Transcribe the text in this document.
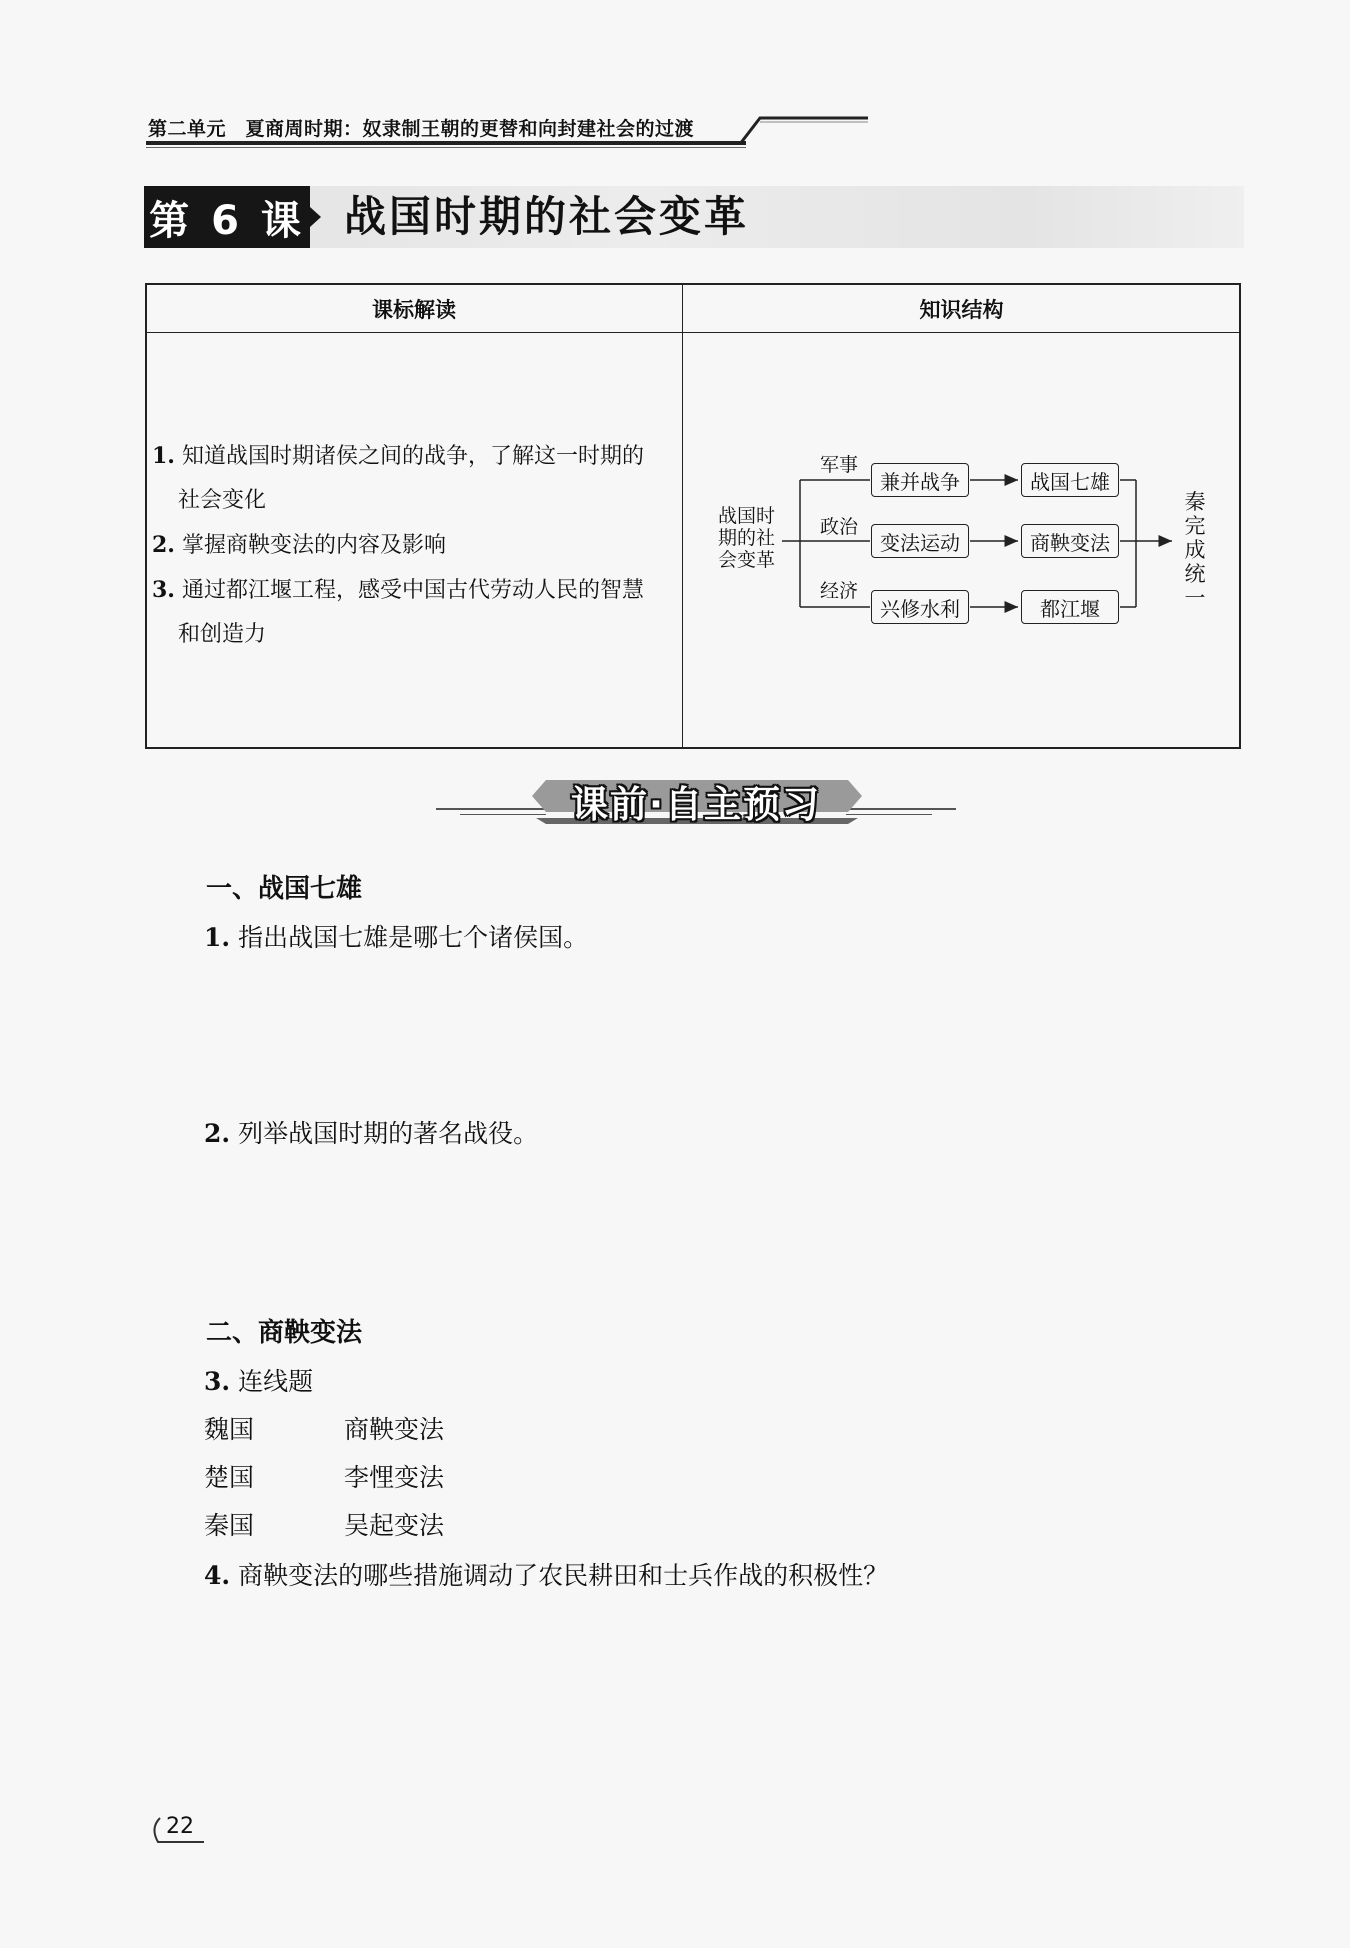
第二单元　夏商周时期：奴隶制王朝的更替和向封建社会的过渡
第 6 课 战国时期的社会变革
课标解读	知识结构
1. 知道战国时期诸侯之间的战争，了解这一时期的
社会变化
2. 掌握商鞅变法的内容及影响
3. 通过都江堰工程，感受中国古代劳动人民的智慧
和创造力
战国时
期的社
会变革
军事
政治
经济
兼并战争
变法运动
兴修水利
战国七雄
商鞅变法
都江堰
秦
完
成
统
一
课前·自主预习
一、战国七雄
1. 指出战国七雄是哪七个诸侯国。
2. 列举战国时期的著名战役。
二、商鞅变法
3. 连线题
魏国
楚国
秦国
商鞅变法
李悝变法
吴起变法
4. 商鞅变法的哪些措施调动了农民耕田和士兵作战的积极性？
22
